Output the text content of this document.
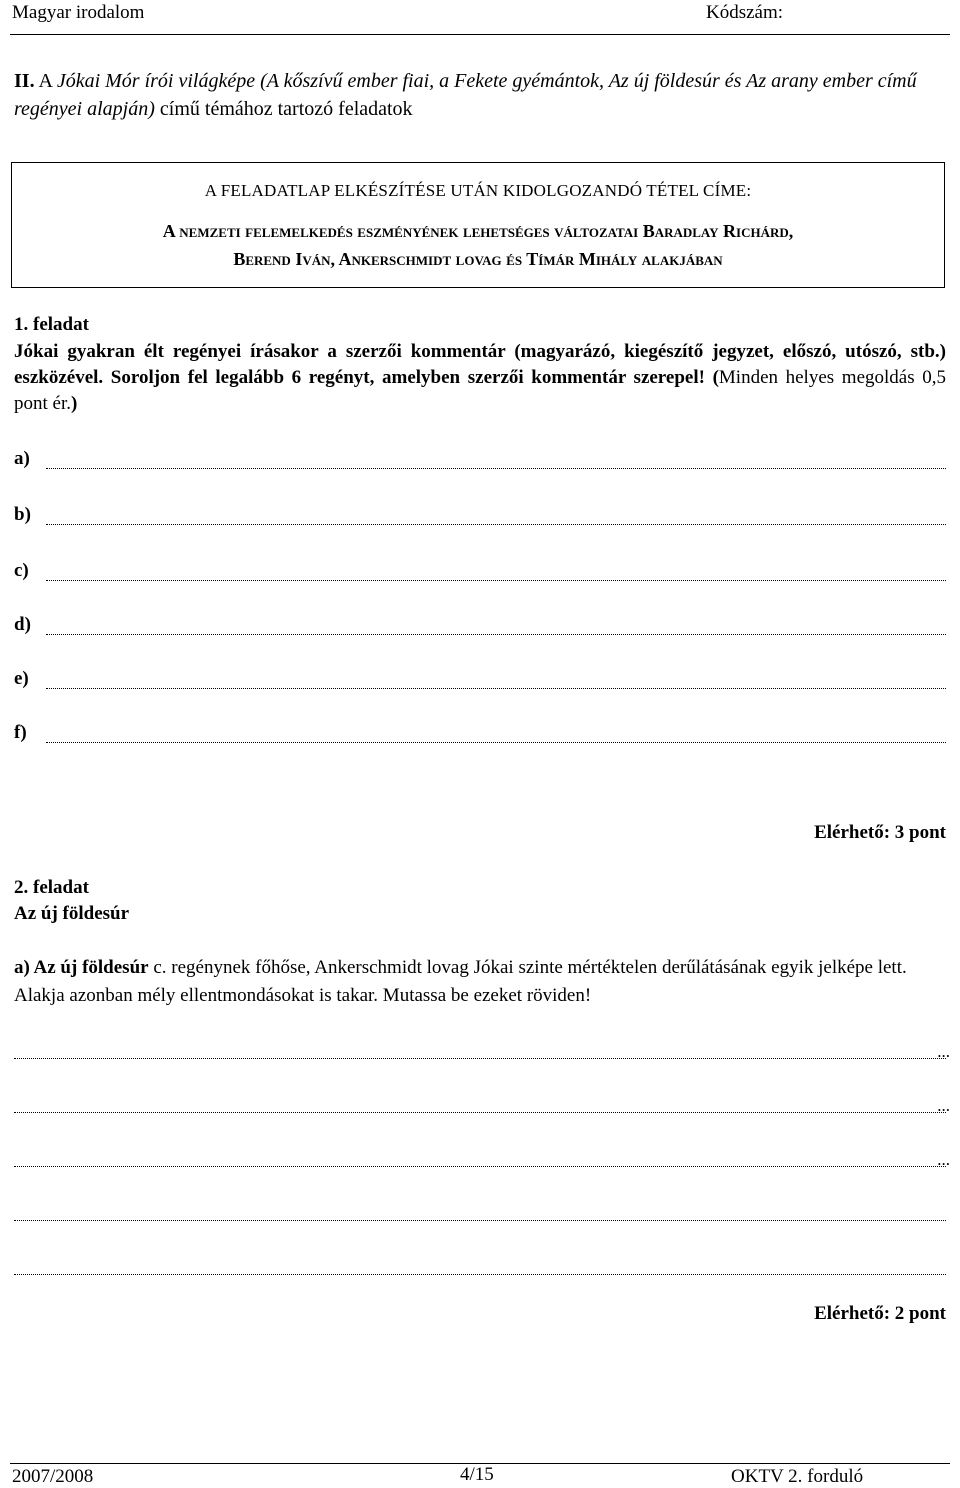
Magyar irodalom	Kódszám:
II. A Jókai Mór írói világképe (A kőszívű ember fiai, a Fekete gyémántok, Az új földesúr és Az arany ember című regényei alapján) című témához tartozó feladatok
A FELADATLAP ELKÉSZÍTÉSE UTÁN KIDOLGOZANDÓ TÉTEL CÍME:
A nemzeti felemelkedés eszményének lehetséges változatai Baradlay Richárd,
Berend Iván, Ankerschmidt lovag és Tímár Mihály alakjában
1. feladat
Jókai gyakran élt regényei írásakor a szerzői kommentár (magyarázó, kiegészítő jegyzet, előszó, utószó, stb.) eszközével. Soroljon fel legalább 6 regényt, amelyben szerzői kommentár szerepel! (Minden helyes megoldás 0,5 pont ér.)
a)
b)
c)
d)
e)
f)
Elérhető: 3 pont
2. feladat
Az új földesúr
a) Az új földesúr c. regénynek főhőse, Ankerschmidt lovag Jókai szinte mértéktelen derűlátásának egyik jelképe lett. Alakja azonban mély ellentmondásokat is takar. Mutassa be ezeket röviden!
...
...
...
Elérhető: 2 pont
2007/2008	4/15	OKTV 2. forduló
